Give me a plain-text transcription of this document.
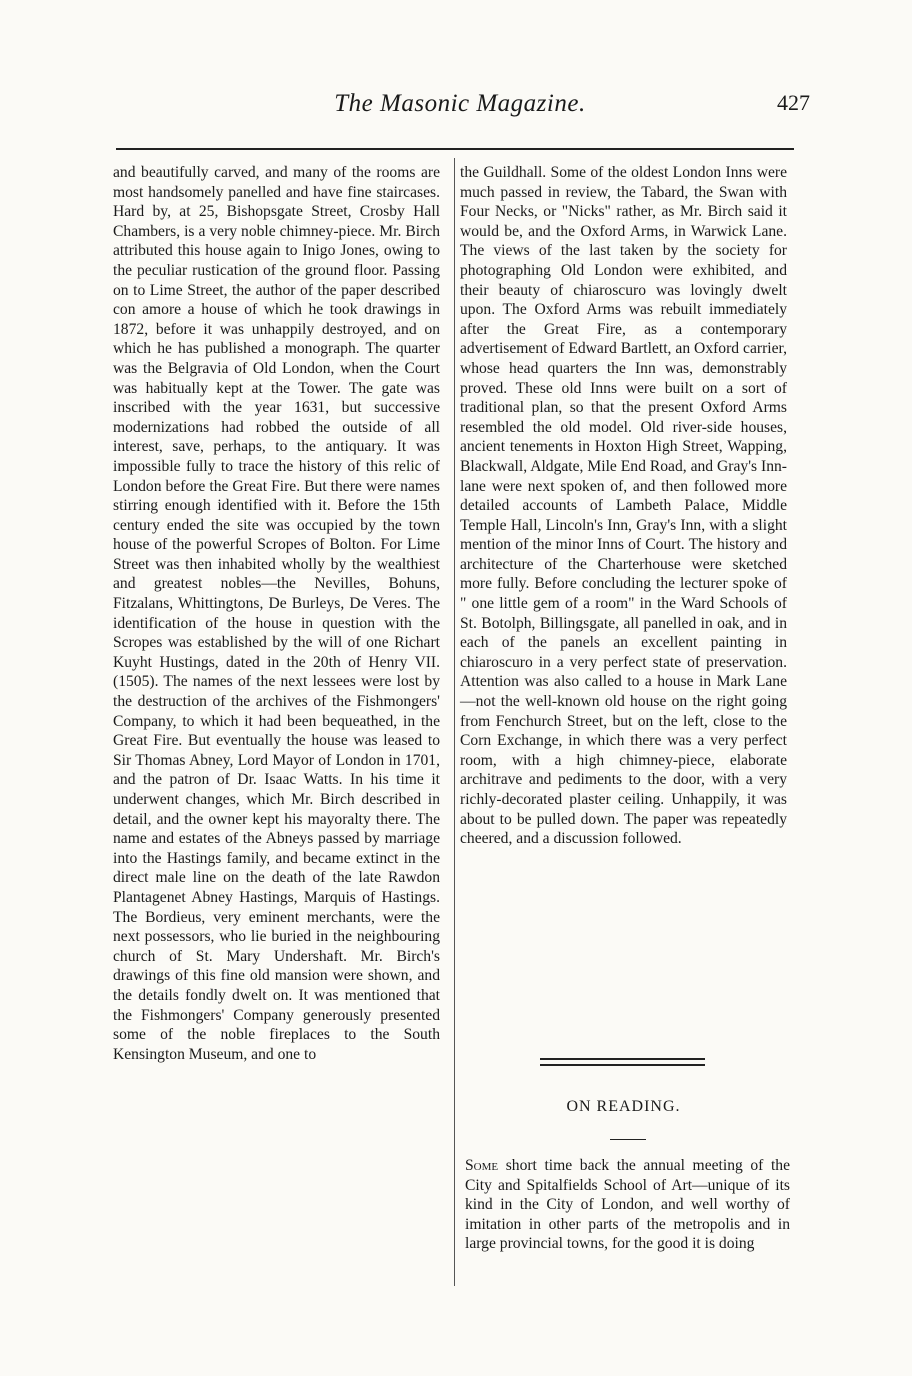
The Masonic Magazine.	427

and beautifully carved, and many of the rooms are most handsomely panelled and have fine staircases. Hard by, at 25, Bishopsgate Street, Crosby Hall Chambers, is a very noble chimney-piece. Mr. Birch attributed this house again to Inigo Jones, owing to the peculiar rustication of the ground floor. Passing on to Lime Street, the author of the paper described con amore a house of which he took drawings in 1872, before it was unhappily destroyed, and on which he has published a monograph. The quarter was the Belgravia of Old London, when the Court was habitually kept at the Tower. The gate was inscribed with the year 1631, but successive modernizations had robbed the outside of all interest, save, perhaps, to the antiquary. It was impossible fully to trace the history of this relic of London before the Great Fire. But there were names stirring enough identified with it. Before the 15th century ended the site was occupied by the town house of the powerful Scropes of Bolton. For Lime Street was then inhabited wholly by the wealthiest and greatest nobles—the Nevilles, Bohuns, Fitzalans, Whittingtons, De Burleys, De Veres. The identification of the house in question with the Scropes was established by the will of one Richart Kuyht Hustings, dated in the 20th of Henry VII. (1505). The names of the next lessees were lost by the destruction of the archives of the Fishmongers' Company, to which it had been bequeathed, in the Great Fire. But eventually the house was leased to Sir Thomas Abney, Lord Mayor of London in 1701, and the patron of Dr. Isaac Watts. In his time it underwent changes, which Mr. Birch described in detail, and the owner kept his mayoralty there. The name and estates of the Abneys passed by marriage into the Hastings family, and became extinct in the direct male line on the death of the late Rawdon Plantagenet Abney Hastings, Marquis of Hastings. The Bordieus, very eminent merchants, were the next possessors, who lie buried in the neighbouring church of St. Mary Undershaft. Mr. Birch's drawings of this fine old mansion were shown, and the details fondly dwelt on. It was mentioned that the Fishmongers' Company generously presented some of the noble fireplaces to the South Kensington Museum, and one to

the Guildhall. Some of the oldest London Inns were much passed in review, the Tabard, the Swan with Four Necks, or "Nicks" rather, as Mr. Birch said it would be, and the Oxford Arms, in Warwick Lane. The views of the last taken by the society for photographing Old London were exhibited, and their beauty of chiaroscuro was lovingly dwelt upon. The Oxford Arms was rebuilt immediately after the Great Fire, as a contemporary advertisement of Edward Bartlett, an Oxford carrier, whose head quarters the Inn was, demonstrably proved. These old Inns were built on a sort of traditional plan, so that the present Oxford Arms resembled the old model. Old river-side houses, ancient tenements in Hoxton High Street, Wapping, Blackwall, Aldgate, Mile End Road, and Gray's Inn-lane were next spoken of, and then followed more detailed accounts of Lambeth Palace, Middle Temple Hall, Lincoln's Inn, Gray's Inn, with a slight mention of the minor Inns of Court. The history and architecture of the Charterhouse were sketched more fully. Before concluding the lecturer spoke of " one little gem of a room" in the Ward Schools of St. Botolph, Billingsgate, all panelled in oak, and in each of the panels an excellent painting in chiaroscuro in a very perfect state of preservation. Attention was also called to a house in Mark Lane—not the well-known old house on the right going from Fenchurch Street, but on the left, close to the Corn Exchange, in which there was a very perfect room, with a high chimney-piece, elaborate architrave and pediments to the door, with a very richly-decorated plaster ceiling. Unhappily, it was about to be pulled down. The paper was repeatedly cheered, and a discussion followed.

ON READING.

Some short time back the annual meeting of the City and Spitalfields School of Art—unique of its kind in the City of London, and well worthy of imitation in other parts of the metropolis and in large provincial towns, for the good it is doing
